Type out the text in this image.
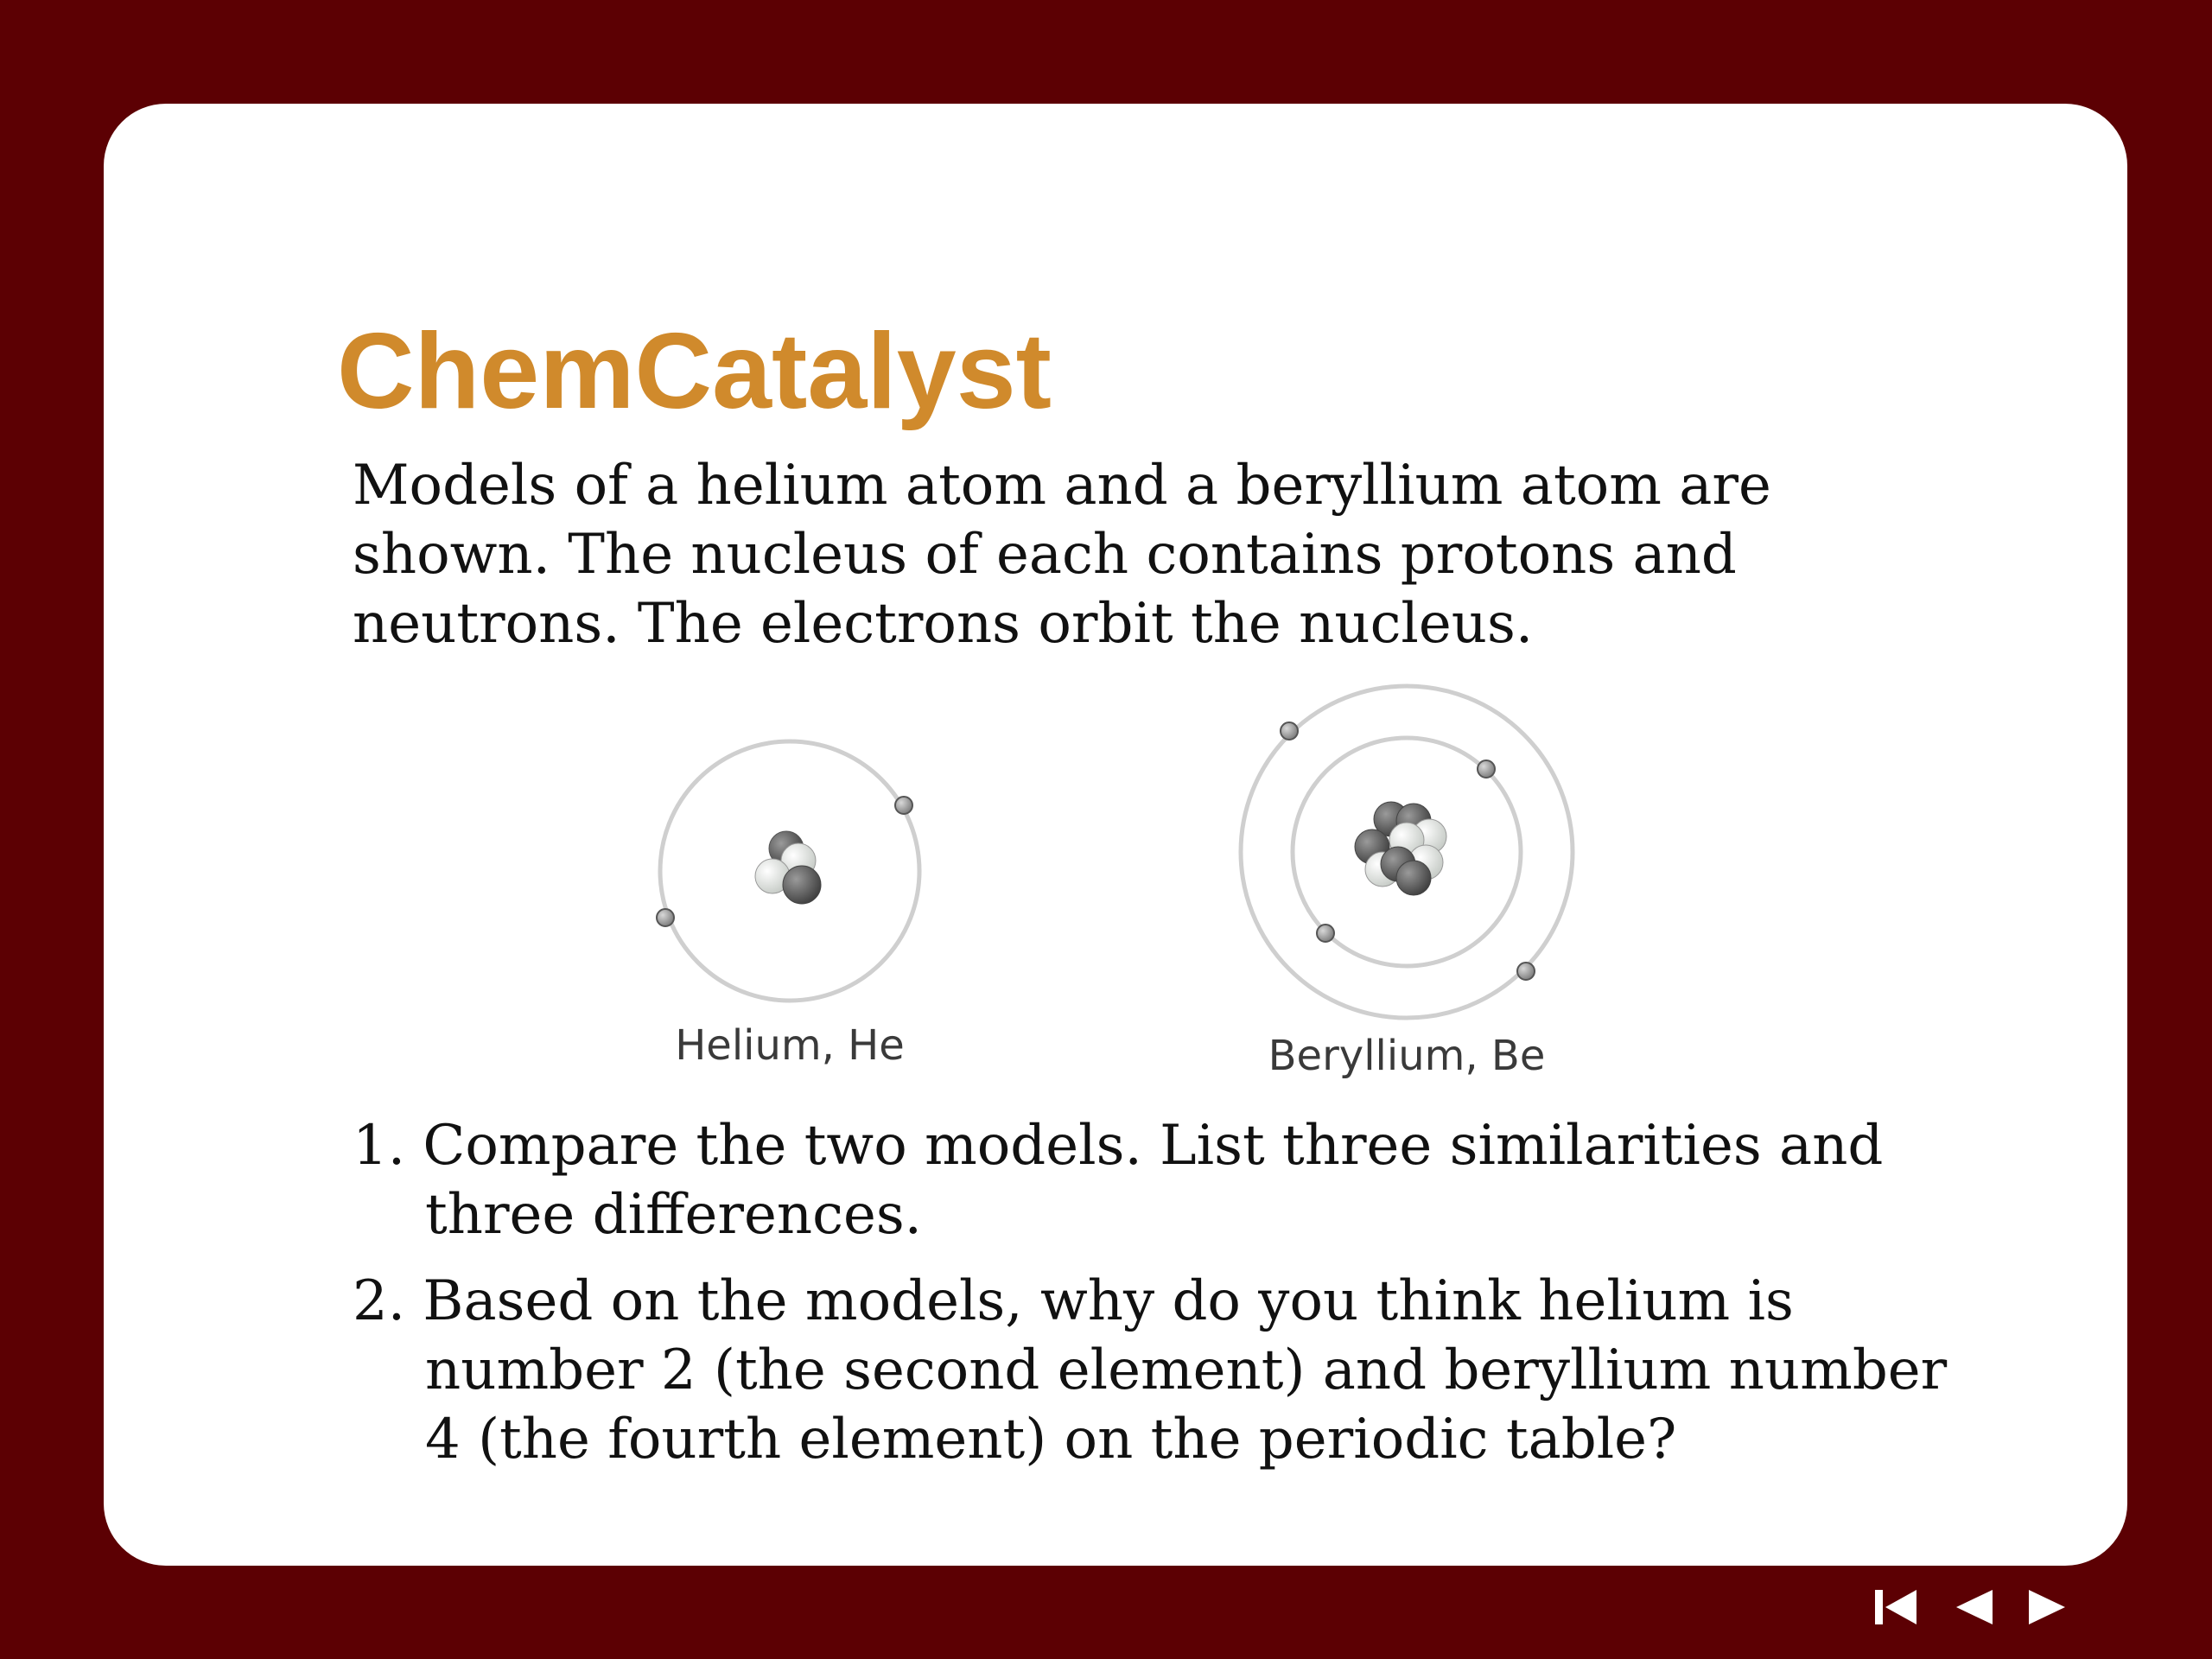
ChemCatalyst

Models of a helium atom and a beryllium atom are shown. The nucleus of each contains protons and neutrons. The electrons orbit the nucleus.

Helium, He	Beryllium, Be
1. Compare the two models. List three similarities and three differences.
2. Based on the models, why do you think helium is number 2 (the second element) and beryllium number 4 (the fourth element) on the periodic table?
